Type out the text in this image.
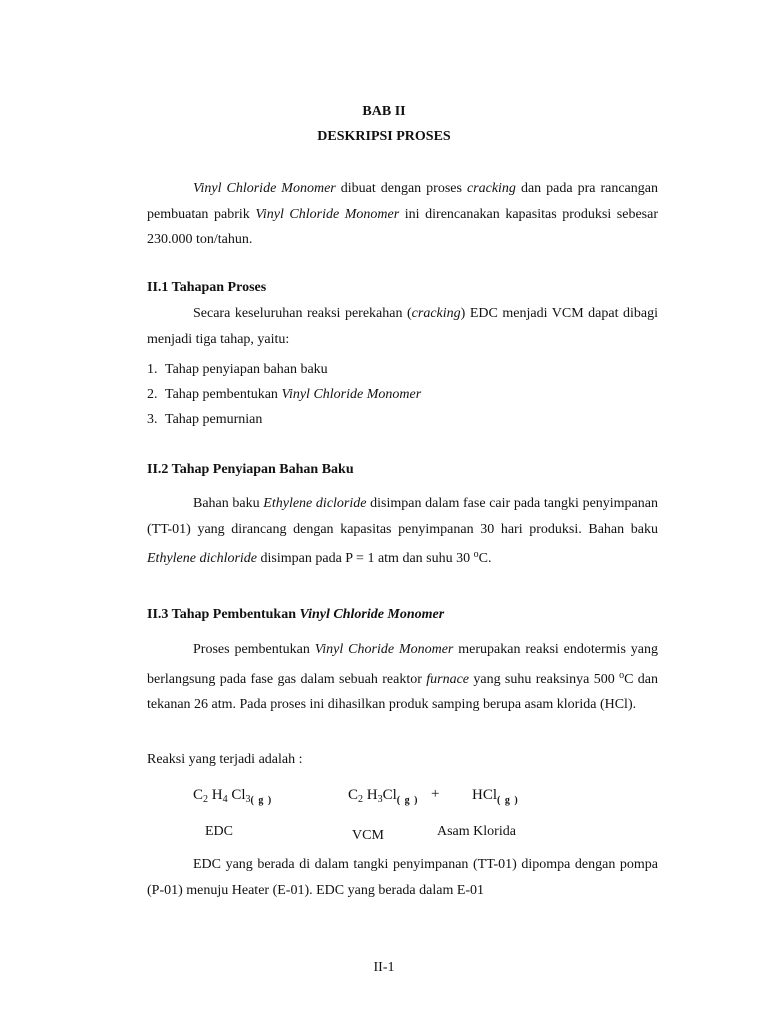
BAB II
DESKRIPSI PROSES
Vinyl Chloride Monomer dibuat dengan proses cracking dan pada pra rancangan pembuatan pabrik Vinyl Chloride Monomer ini direncanakan kapasitas produksi sebesar 230.000 ton/tahun.
II.1 Tahapan Proses
Secara keseluruhan reaksi perekahan (cracking) EDC menjadi VCM dapat dibagi menjadi tiga tahap, yaitu:
1. Tahap penyiapan bahan baku
2. Tahap pembentukan Vinyl Chloride Monomer
3. Tahap pemurnian
II.2 Tahap Penyiapan Bahan Baku
Bahan baku Ethylene dicloride disimpan dalam fase cair pada tangki penyimpanan (TT-01) yang dirancang dengan kapasitas penyimpanan 30 hari produksi. Bahan baku Ethylene dichloride disimpan pada P = 1 atm dan suhu 30 $^o$C.
II.3 Tahap Pembentukan Vinyl Chloride Monomer
Proses pembentukan Vinyl Choride Monomer merupakan reaksi endotermis yang berlangsung pada fase gas dalam sebuah reaktor furnace yang suhu reaksinya 500 $^o$C dan tekanan 26 atm. Pada proses ini dihasilkan produk samping berupa asam klorida (HCl).
Reaksi yang terjadi adalah :
$C_2$ $H_4$ $Cl_{3( g )}$	$C_2$ $H_3Cl_{( g )} + HCl_{( g )}$
EDC	VCM	Asam Klorida
EDC yang berada di dalam tangki penyimpanan (TT-01) dipompa dengan pompa (P-01) menuju Heater (E-01). EDC yang berada dalam E-01
II-1
